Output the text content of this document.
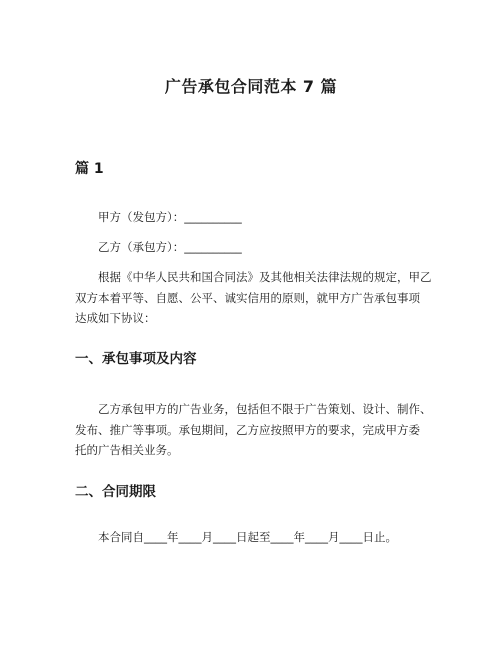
广告承包合同范本 7 篇
篇 1
甲方（发包方）：__________
乙方（承包方）：__________
根据《中华人民共和国合同法》及其他相关法律法规的规定，甲乙
双方本着平等、自愿、公平、诚实信用的原则，就甲方广告承包事项
达成如下协议：
一、承包事项及内容
乙方承包甲方的广告业务，包括但不限于广告策划、设计、制作、
发布、推广等事项。承包期间，乙方应按照甲方的要求，完成甲方委
托的广告相关业务。
二、合同期限
本合同自____年____月____日起至____年____月____日止。
